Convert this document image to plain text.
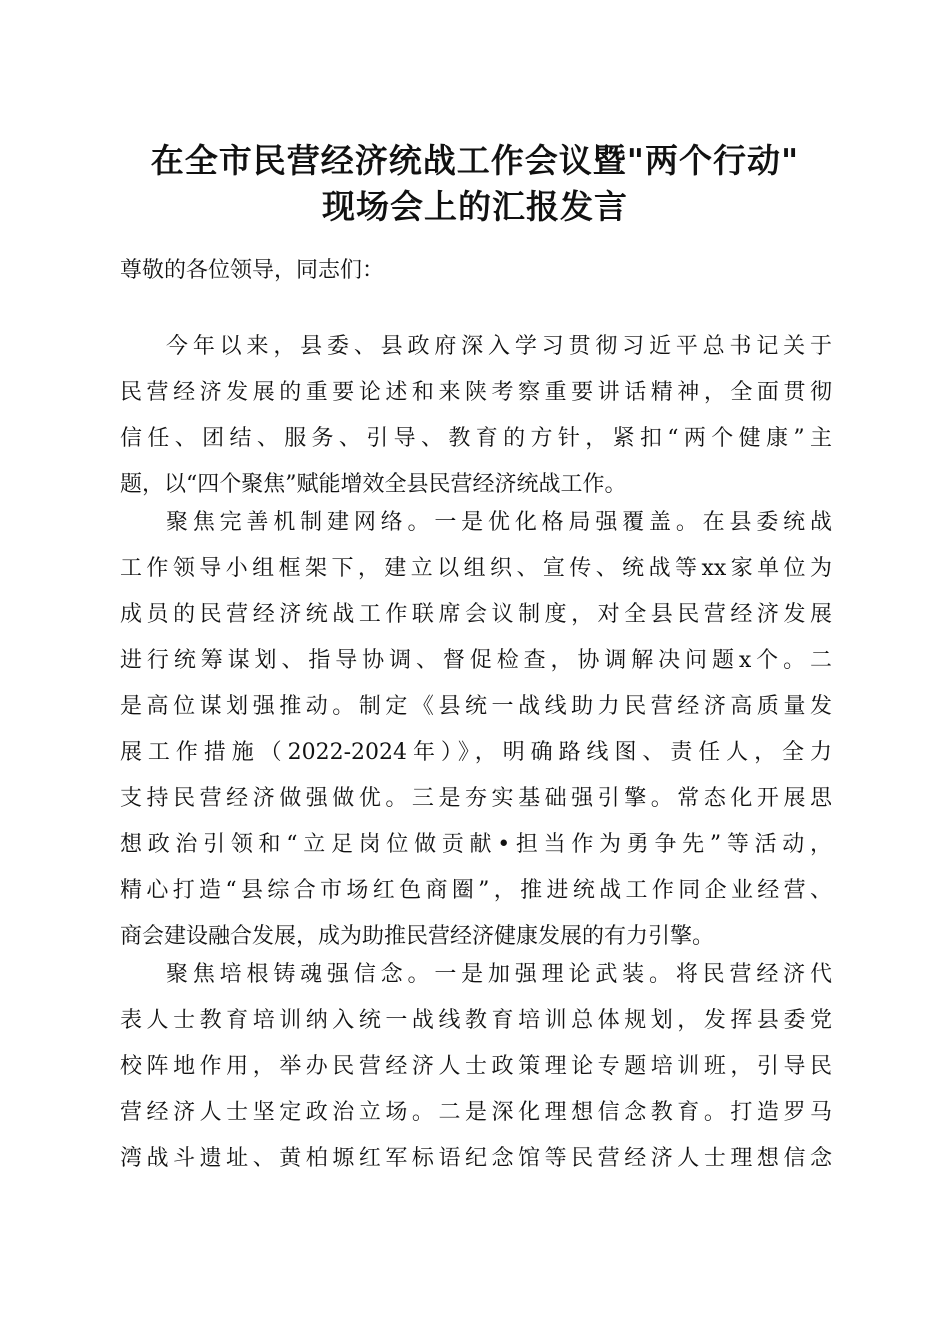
在全市民营经济统战工作会议暨"两个行动"
现场会上的汇报发言
尊敬的各位领导，同志们：
今年以来，县委、县政府深入学习贯彻习近平总书记关于
民营经济发展的重要论述和来陕考察重要讲话精神，全面贯彻
信任、团结、服务、引导、教育的方针，紧扣“两个健康”主
题，以“四个聚焦”赋能增效全县民营经济统战工作。
聚焦完善机制建网络。一是优化格局强覆盖。在县委统战
工作领导小组框架下，建立以组织、宣传、统战等xx家单位为
成员的民营经济统战工作联席会议制度，对全县民营经济发展
进行统筹谋划、指导协调、督促检查，协调解决问题x个。二
是高位谋划强推动。制定《县统一战线助力民营经济高质量发
展工作措施（2022-2024年）》，明确路线图、责任人，全力
支持民营经济做强做优。三是夯实基础强引擎。常态化开展思
想政治引领和“立足岗位做贡献•担当作为勇争先”等活动，
精心打造“县综合市场红色商圈”，推进统战工作同企业经营、
商会建设融合发展，成为助推民营经济健康发展的有力引擎。
聚焦培根铸魂强信念。一是加强理论武装。将民营经济代
表人士教育培训纳入统一战线教育培训总体规划，发挥县委党
校阵地作用，举办民营经济人士政策理论专题培训班，引导民
营经济人士坚定政治立场。二是深化理想信念教育。打造罗马
湾战斗遗址、黄柏塬红军标语纪念馆等民营经济人士理想信念
